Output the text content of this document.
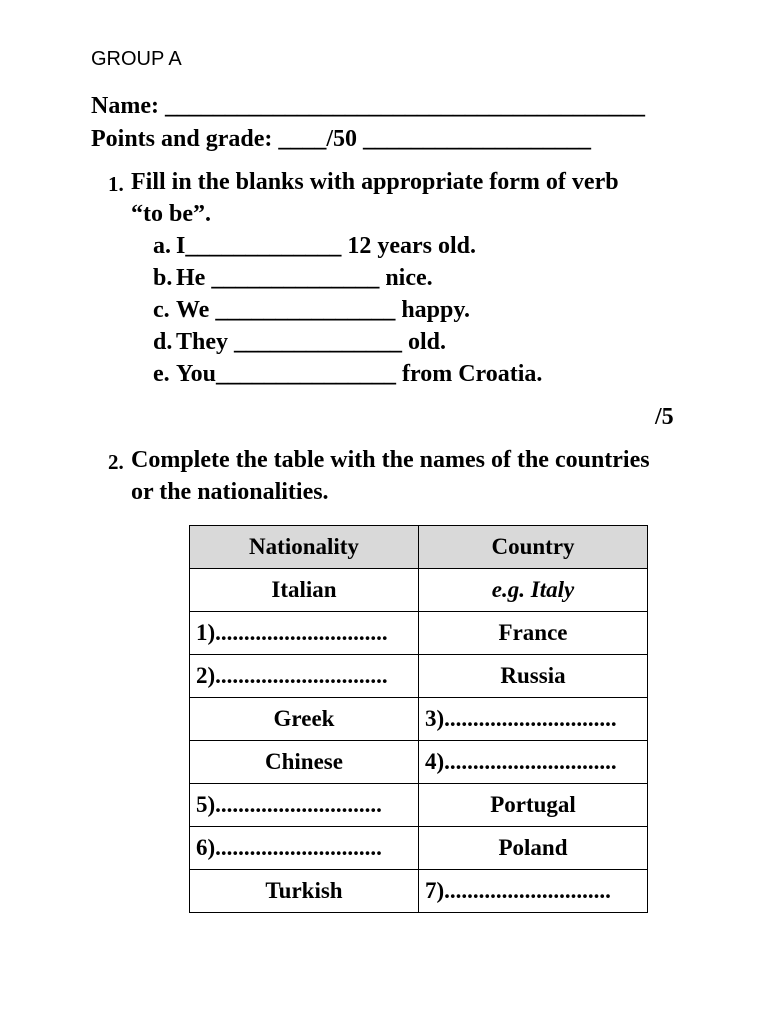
GROUP A
Name: ________________________________________
Points and grade: ____/50 ___________________
1. Fill in the blanks with appropriate form of verb
“to be”.
a. I_____________ 12 years old.
b. He ______________ nice.
c. We _______________ happy.
d. They ______________ old.
e. You_______________ from Croatia.
/5
2. Complete the table with the names of the countries
or the nationalities.
Nationality	Country
Italian	e.g. Italy
1)..............................	France
2)..............................	Russia
Greek	3)..............................
Chinese	4)..............................
5).............................	Portugal
6).............................	Poland
Turkish	7).............................
